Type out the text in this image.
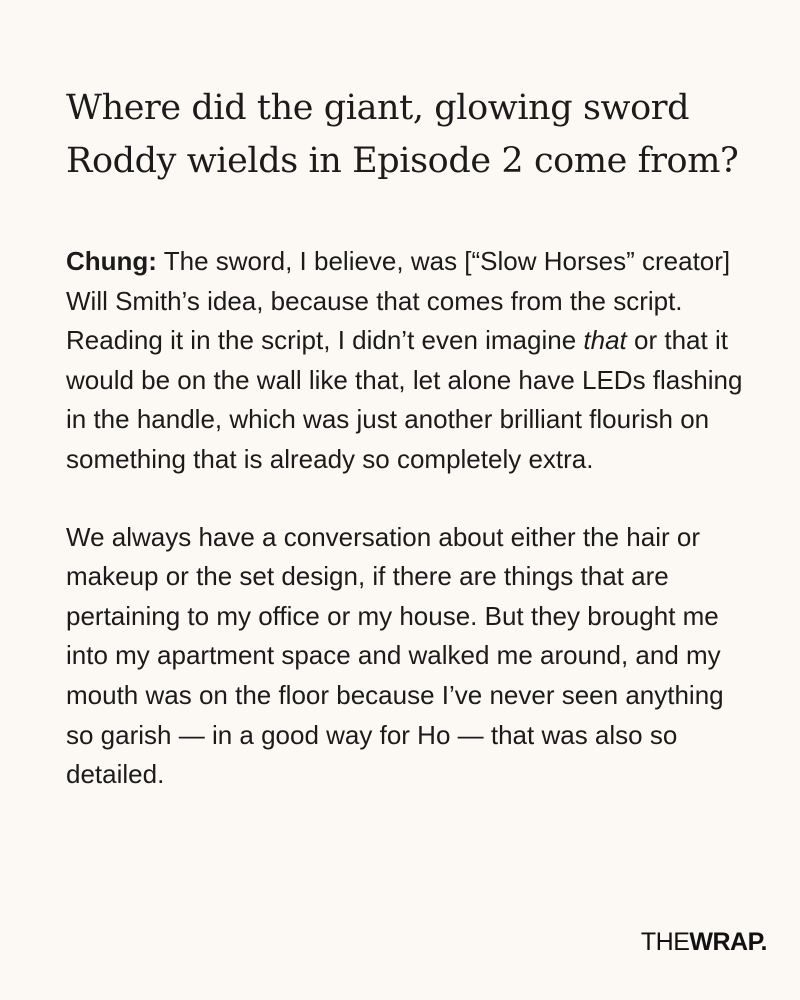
Where did the giant, glowing sword Roddy wields in Episode 2 come from?

Chung: The sword, I believe, was [“Slow Horses” creator] Will Smith’s idea, because that comes from the script. Reading it in the script, I didn’t even imagine that or that it would be on the wall like that, let alone have LEDs flashing in the handle, which was just another brilliant flourish on something that is already so completely extra.

We always have a conversation about either the hair or makeup or the set design, if there are things that are pertaining to my office or my house. But they brought me into my apartment space and walked me around, and my mouth was on the floor because I’ve never seen anything so garish — in a good way for Ho — that was also so detailed.

THEWRAP.
